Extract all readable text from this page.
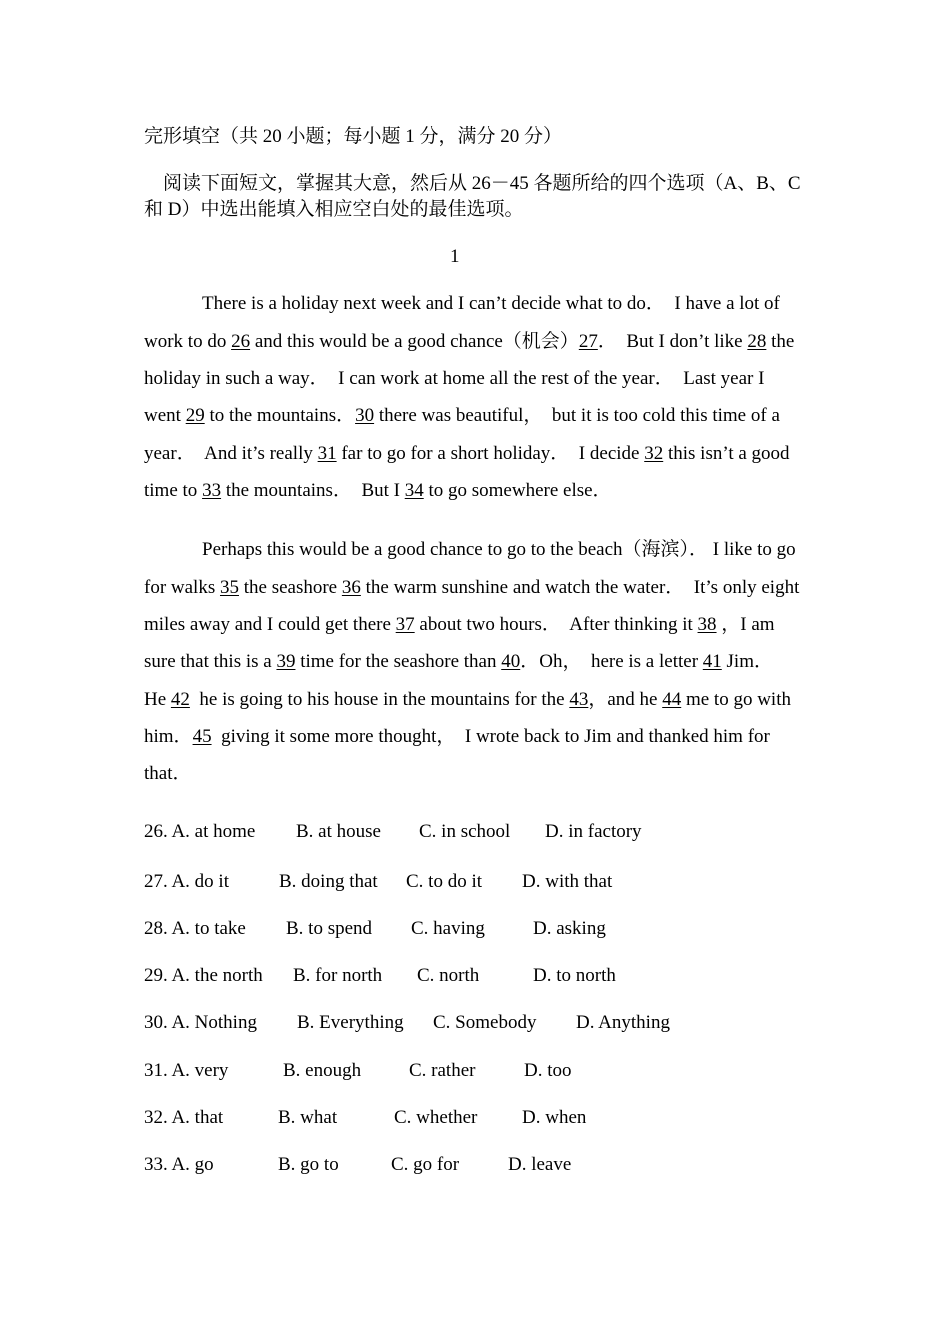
完形填空（共 20 小题；每小题 1 分，满分 20 分）
阅读下面短文，掌握其大意，然后从 26－45 各题所给的四个选项（A、B、C
和 D）中选出能填入相应空白处的最佳选项。
1
There is a holiday next week and I can’t decide what to do．  I have a lot of
work to do 26 and this would be a good chance（机会）27．  But I don’t like 28 the
holiday in such a way．  I can work at home all the rest of the year．  Last year I
went 29 to the mountains．30 there was beautiful，  but it is too cold this time of a
year．  And it’s really 31 far to go for a short holiday．  I decide 32 this isn’t a good
time to 33 the mountains．  But I 34 to go somewhere else．
Perhaps this would be a good chance to go to the beach（海滨）． I like to go
for walks 35 the seashore 36 the warm sunshine and watch the water．  It’s only eight
miles away and I could get there 37 about two hours．  After thinking it 38 ，I am
sure that this is a 39 time for the seashore than 40．Oh，  here is a letter 41 Jim．
He 42  he is going to his house in the mountains for the 43，and he 44 me to go with
him．45  giving it some more thought，  I wrote back to Jim and thanked him for
that．
26. A. at home B. at house C. in school D. in factory
27. A. do it	B. doing that C. to do it D. with that
28. A. to take B. to spend C. having	D. asking
29. A. the north B. for north C. north	D. to north
30. A. Nothing B. Everything C. Somebody D. Anything
31. A. very	B. enough	C. rather	D. too
32. A. that	B. what	C. whether D. when
33. A. go	B. go to	C. go for	D. leave
